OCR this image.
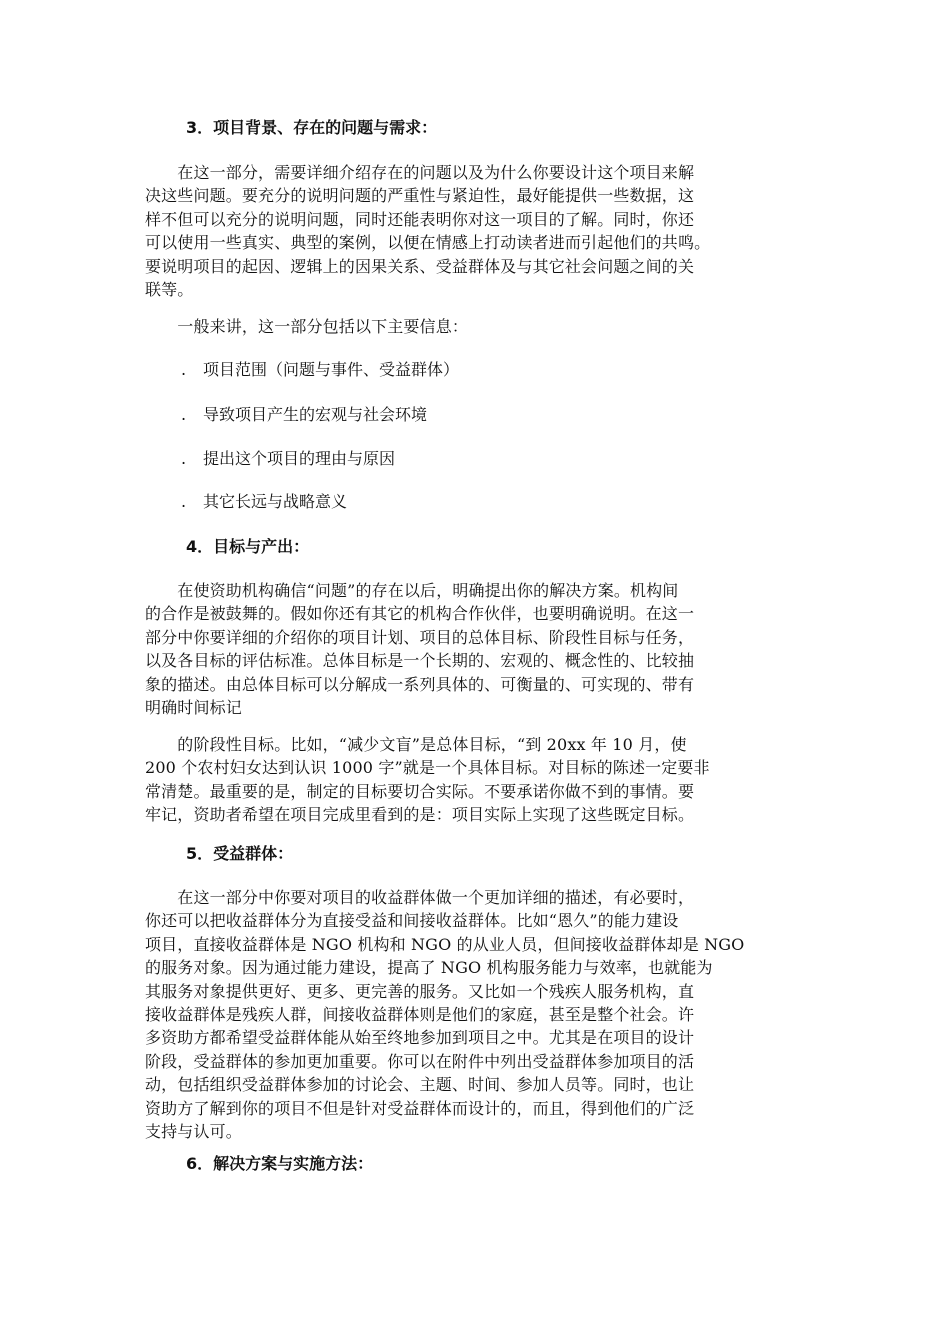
3．项目背景、存在的问题与需求：
　　在这一部分，需要详细介绍存在的问题以及为什么你要设计这个项目来解
决这些问题。要充分的说明问题的严重性与紧迫性，最好能提供一些数据，这
样不但可以充分的说明问题，同时还能表明你对这一项目的了解。同时，你还
可以使用一些真实、典型的案例，以便在情感上打动读者进而引起他们的共鸣。
要说明项目的起因、逻辑上的因果关系、受益群体及与其它社会问题之间的关
联等。
　　一般来讲，这一部分包括以下主要信息：
. 项目范围（问题与事件、受益群体）
. 导致项目产生的宏观与社会环境
. 提出这个项目的理由与原因
. 其它长远与战略意义
4．目标与产出：
　　在使资助机构确信“问题”的存在以后，明确提出你的解决方案。机构间
的合作是被鼓舞的。假如你还有其它的机构合作伙伴，也要明确说明。在这一
部分中你要详细的介绍你的项目计划、项目的总体目标、阶段性目标与任务，
以及各目标的评估标准。总体目标是一个长期的、宏观的、概念性的、比较抽
象的描述。由总体目标可以分解成一系列具体的、可衡量的、可实现的、带有
明确时间标记
　　的阶段性目标。比如，“减少文盲”是总体目标，“到 20xx 年 10 月，使
200 个农村妇女达到认识 1000 字”就是一个具体目标。对目标的陈述一定要非
常清楚。最重要的是，制定的目标要切合实际。不要承诺你做不到的事情。要
牢记，资助者希望在项目完成里看到的是：项目实际上实现了这些既定目标。
5．受益群体：
　　在这一部分中你要对项目的收益群体做一个更加详细的描述，有必要时，
你还可以把收益群体分为直接受益和间接收益群体。比如“恩久”的能力建设
项目，直接收益群体是 NGO 机构和 NGO 的从业人员，但间接收益群体却是 NGO
的服务对象。因为通过能力建设，提高了 NGO 机构服务能力与效率，也就能为
其服务对象提供更好、更多、更完善的服务。又比如一个残疾人服务机构，直
接收益群体是残疾人群，间接收益群体则是他们的家庭，甚至是整个社会。许
多资助方都希望受益群体能从始至终地参加到项目之中。尤其是在项目的设计
阶段，受益群体的参加更加重要。你可以在附件中列出受益群体参加项目的活
动，包括组织受益群体参加的讨论会、主题、时间、参加人员等。同时，也让
资助方了解到你的项目不但是针对受益群体而设计的，而且，得到他们的广泛
支持与认可。
6．解决方案与实施方法：
